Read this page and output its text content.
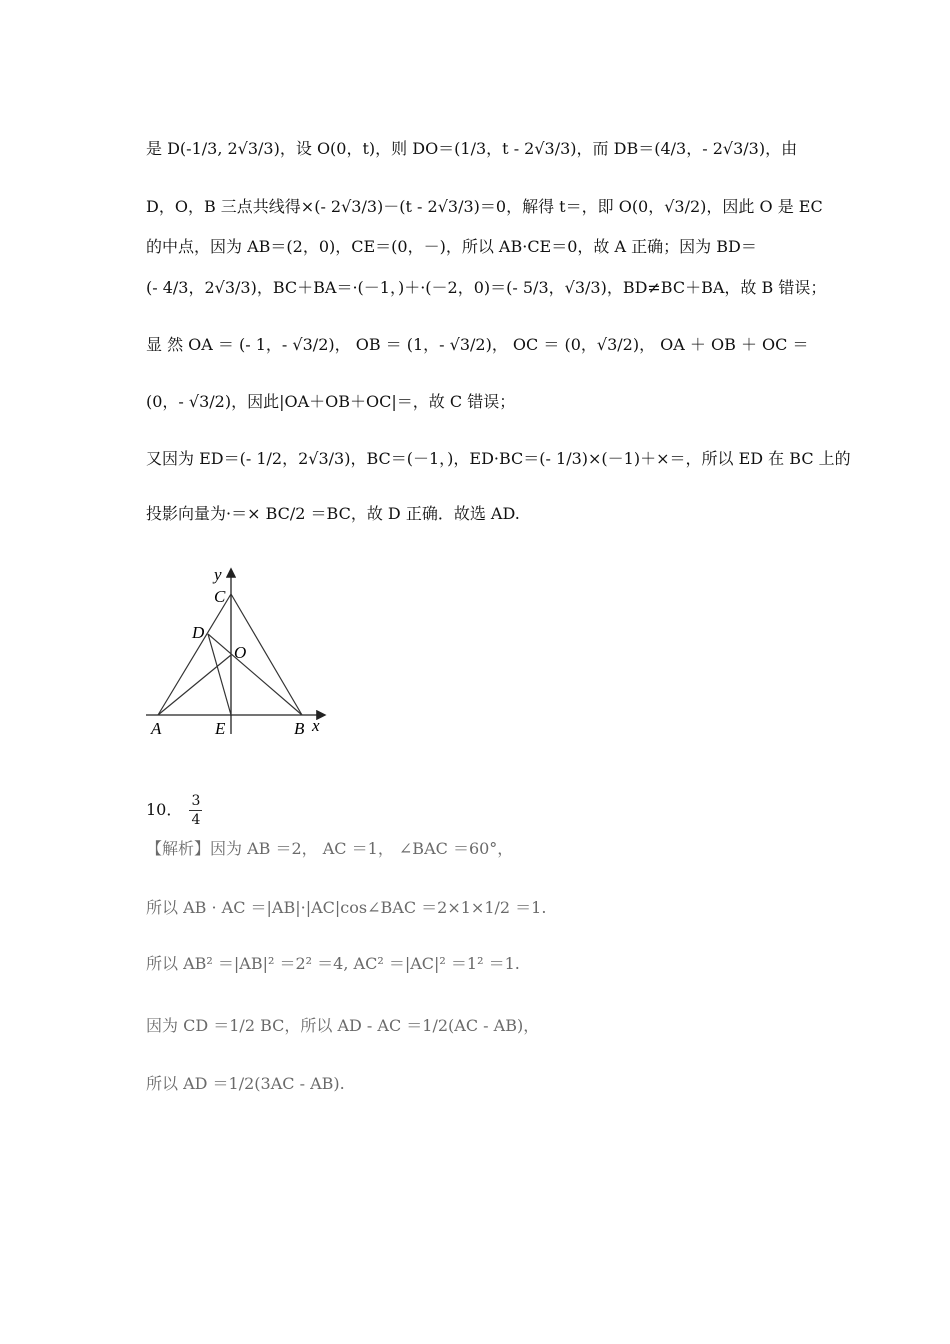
是 D(-1/3, 2√3/3)，设 O(0，t)，则 DO＝(1/3，t - 2√3/3)，而 DB＝(4/3，- 2√3/3)，由
D，O，B 三点共线得×(- 2√3/3)－(t - 2√3/3)＝0，解得 t＝，即 O(0，√3/2)，因此 O 是 EC
的中点，因为 AB＝(2，0)，CE＝(0，－)，所以 AB·CE＝0，故 A 正确；因为 BD＝
(- 4/3，2√3/3)，BC＋BA＝·(－1，)＋·(－2，0)＝(- 5/3，√3/3)，BD≠BC＋BA，故 B 错误；
显 然 OA ＝ (- 1，- √3/2)， OB ＝ (1，- √3/2)， OC ＝ (0，√3/2)， OA ＋ OB ＋ OC ＝
(0，- √3/2)，因此|OA＋OB＋OC|＝，故 C 错误；
又因为 ED＝(- 1/2，2√3/3)，BC＝(－1，)，ED·BC＝(- 1/3)×(－1)＋×＝，所以 ED 在 BC 上的
投影向量为·＝× BC/2 ＝BC，故 D 正确．故选 AD.
y
x
A	E	B
C
D
O
10． $\frac{3}{4}$
【解析】因为 AB ＝2， AC ＝1， ∠BAC ＝60°，
所以 AB · AC ＝|AB|·|AC|cos∠BAC ＝2×1×1/2 ＝1.
所以 AB² ＝|AB|² ＝2² ＝4, AC² ＝|AC|² ＝1² ＝1.
因为 CD ＝1/2 BC，所以 AD - AC ＝1/2(AC - AB)，
所以 AD ＝1/2(3AC - AB).
